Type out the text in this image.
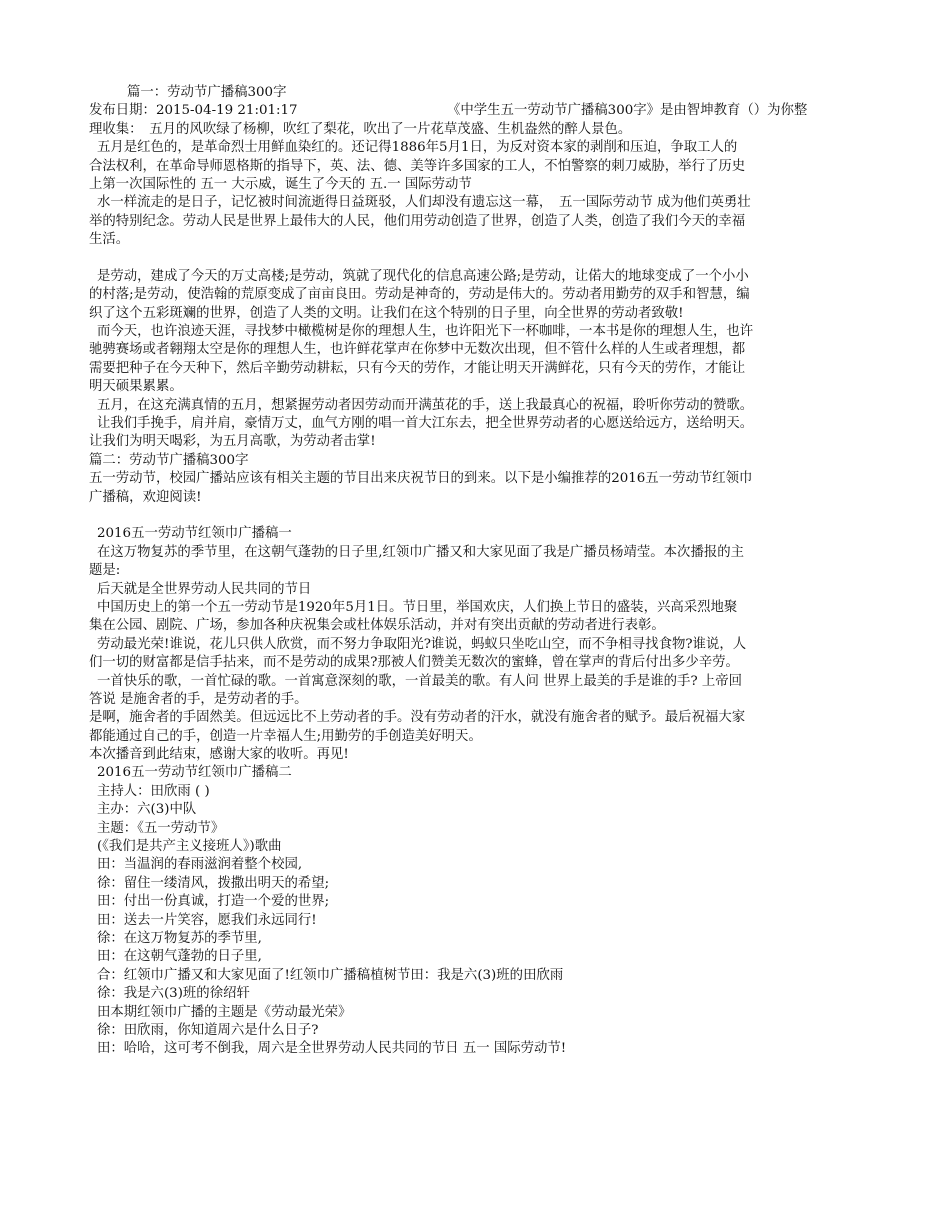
篇一：劳动节广播稿300字
发布日期：2015-04-19 21:01:17	《中学生五一劳动节广播稿300字》是由智坤教育（）为你整
理收集：　五月的风吹绿了杨柳，吹红了梨花，吹出了一片花草茂盛、生机盎然的醉人景色。
五月是红色的，是革命烈士用鲜血染红的。还记得1886年5月1日，为反对资本家的剥削和压迫，争取工人的
合法权利，在革命导师恩格斯的指导下，英、法、德、美等许多国家的工人，不怕警察的刺刀威胁，举行了历史
上第一次国际性的 五一 大示威，诞生了今天的 五.一 国际劳动节
水一样流走的是日子，记忆被时间流逝得日益斑驳，人们却没有遗忘这一幕，　五一国际劳动节 成为他们英勇壮
举的特别纪念。劳动人民是世界上最伟大的人民，他们用劳动创造了世界，创造了人类，创造了我们今天的幸福
生活。
是劳动，建成了今天的万丈高楼;是劳动，筑就了现代化的信息高速公路;是劳动，让偌大的地球变成了一个小小
的村落;是劳动，使浩翰的荒原变成了亩亩良田。劳动是神奇的，劳动是伟大的。劳动者用勤劳的双手和智慧，编
织了这个五彩斑斓的世界，创造了人类的文明。让我们在这个特别的日子里，向全世界的劳动者致敬!
而今天，也许浪迹天涯，寻找梦中橄榄树是你的理想人生，也许阳光下一杯咖啡，一本书是你的理想人生，也许
驰骋赛场或者翱翔太空是你的理想人生，也许鲜花掌声在你梦中无数次出现，但不管什么样的人生或者理想，都
需要把种子在今天种下，然后辛勤劳动耕耘，只有今天的劳作，才能让明天开满鲜花，只有今天的劳作，才能让
明天硕果累累。
五月，在这充满真情的五月，想紧握劳动者因劳动而开满茧花的手，送上我最真心的祝福，聆听你劳动的赞歌。
让我们手挽手，肩并肩，豪情万丈，血气方刚的唱一首大江东去，把全世界劳动者的心愿送给远方，送给明天。
让我们为明天喝彩，为五月高歌，为劳动者击掌!
篇二：劳动节广播稿300字
五一劳动节，校园广播站应该有相关主题的节目出来庆祝节日的到来。以下是小编推荐的2016五一劳动节红领巾
广播稿，欢迎阅读!
2016五一劳动节红领巾广播稿一
在这万物复苏的季节里，在这朝气蓬勃的日子里,红领巾广播又和大家见面了我是广播员杨靖莹。本次播报的主
题是:
后天就是全世界劳动人民共同的节日
中国历史上的第一个五一劳动节是1920年5月1日。节日里，举国欢庆，人们换上节日的盛装，兴高采烈地聚
集在公园、剧院、广场，参加各种庆祝集会或杜体娱乐活动，并对有突出贡献的劳动者进行表彰。
劳动最光荣!谁说，花儿只供人欣赏，而不努力争取阳光?谁说，蚂蚁只坐吃山空，而不争相寻找食物?谁说，人
们一切的财富都是信手拈来，而不是劳动的成果?那被人们赞美无数次的蜜蜂，曾在掌声的背后付出多少辛劳。
一首快乐的歌，一首忙碌的歌。一首寓意深刻的歌，一首最美的歌。有人问 世界上最美的手是谁的手? 上帝回
答说 是施舍者的手，是劳动者的手。
是啊，施舍者的手固然美。但远远比不上劳动者的手。没有劳动者的汗水，就没有施舍者的赋予。最后祝福大家
都能通过自己的手，创造一片幸福人生;用勤劳的手创造美好明天。
本次播音到此结束，感谢大家的收听。再见!
2016五一劳动节红领巾广播稿二
主持人：田欣雨 ( )
主办：六(3)中队
主题：《五一劳动节》
(《我们是共产主义接班人》)歌曲
田：当温润的春雨滋润着整个校园,
徐：留住一缕清风，拨撒出明天的希望;
田：付出一份真诚，打造一个爱的世界;
田：送去一片笑容，愿我们永远同行!
徐：在这万物复苏的季节里,
田：在这朝气蓬勃的日子里,
合：红领巾广播又和大家见面了!红领巾广播稿植树节田：我是六(3)班的田欣雨
徐：我是六(3)班的徐绍轩
田本期红领巾广播的主题是《劳动最光荣》
徐：田欣雨，你知道周六是什么日子?
田：哈哈，这可考不倒我，周六是全世界劳动人民共同的节日 五一 国际劳动节!
